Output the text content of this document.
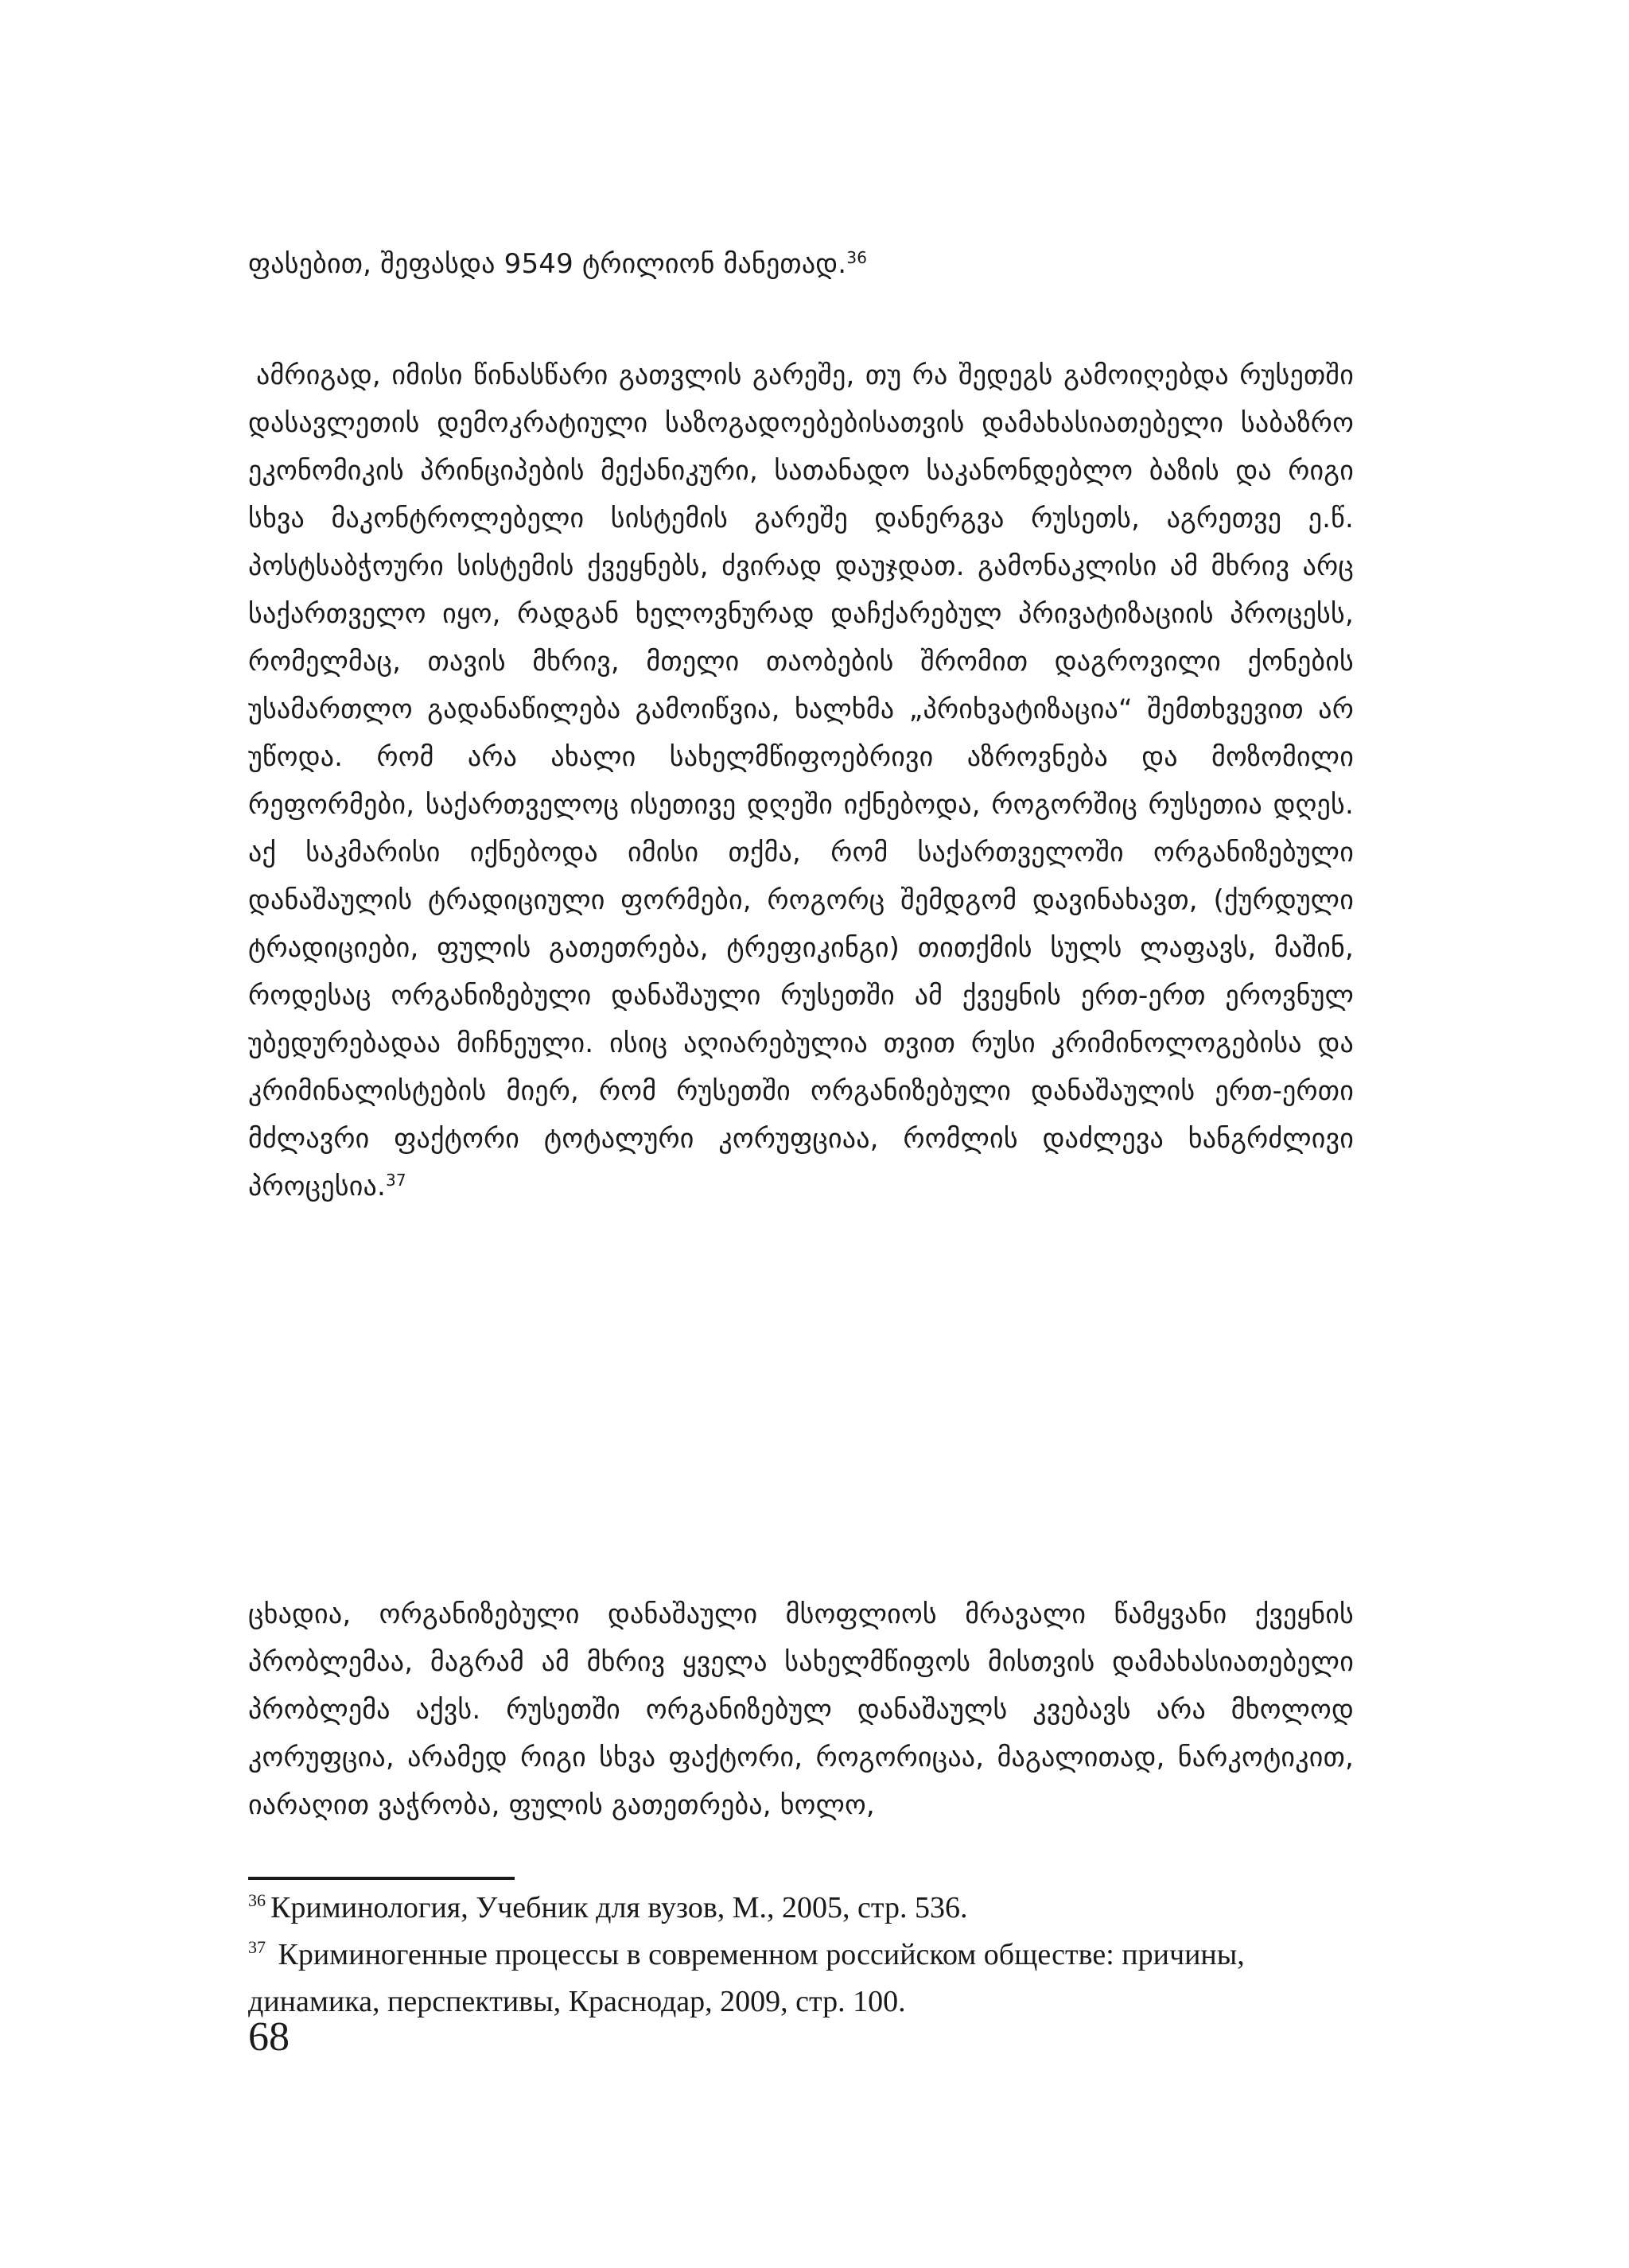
ფასებით, შეფასდა 9549 ტრილიონ მანეთად.$^{36}$

ამრიგად, იმისი წინასწარი გათვლის გარეშე, თუ რა შედეგს გამოიღებდა რუსეთში დასავლეთის დემოკრატიული საზოგადოებებისათვის დამახასიათებელი საბაზრო ეკონომიკის პრინციპების მექანიკური, სათანადო საკანონდებლო ბაზის და რიგი სხვა მაკონტროლებელი სისტემის გარეშე დანერგვა რუსეთს, აგრეთვე ე.წ. პოსტსაბჭოური სისტემის ქვეყნებს, ძვირად დაუჯდათ. გამონაკლისი ამ მხრივ არც საქართველო იყო, რადგან ხელოვნურად დაჩქარებულ პრივატიზაციის პროცესს, რომელმაც, თავის მხრივ, მთელი თაობების შრომით დაგროვილი ქონების უსამართლო გადანაწილება გამოიწვია, ხალხმა „პრიხვატიზაცია“ შემთხვევით არ უწოდა. რომ არა ახალი სახელმწიფოებრივი აზროვნება და მოზომილი რეფორმები, საქართველოც ისეთივე დღეში იქნებოდა, როგორშიც რუსეთია დღეს. აქ საკმარისი იქნებოდა იმისი თქმა, რომ საქართველოში ორგანიზებული დანაშაულის ტრადიციული ფორმები, როგორც შემდგომ დავინახავთ, (ქურდული ტრადიციები, ფულის გათეთრება, ტრეფიკინგი) თითქმის სულს ლაფავს, მაშინ, როდესაც ორგანიზებული დანაშაული რუსეთში ამ ქვეყნის ერთ-ერთ ეროვნულ უბედურებადაა მიჩნეული. ისიც აღიარებულია თვით რუსი კრიმინოლოგებისა და კრიმინალისტების მიერ, რომ რუსეთში ორგანიზებული დანაშაულის ერთ-ერთი მძლავრი ფაქტორი ტოტალური კორუფციაა, რომლის დაძლევა ხანგრძლივი პროცესია.$^{37}$

ცხადია, ორგანიზებული დანაშაული მსოფლიოს მრავალი წამყვანი ქვეყნის პრობლემაა, მაგრამ ამ მხრივ ყველა სახელმწიფოს მისთვის დამახასიათებელი პრობლემა აქვს. რუსეთში ორგანიზებულ დანაშაულს კვებავს არა მხოლოდ კორუფცია, არამედ რიგი სხვა ფაქტორი, როგორიცაა, მაგალითად, ნარკოტიკით, იარაღით ვაჭრობა, ფულის გათეთრება, ხოლო,

$^{36}$ Криминология, Учебник для вузов, М., 2005, стр. 536.

$^{37}$ Криминогенные процессы в современном российском обществе: причины, динамика, перспективы, Краснодар, 2009, стр. 100.

68
